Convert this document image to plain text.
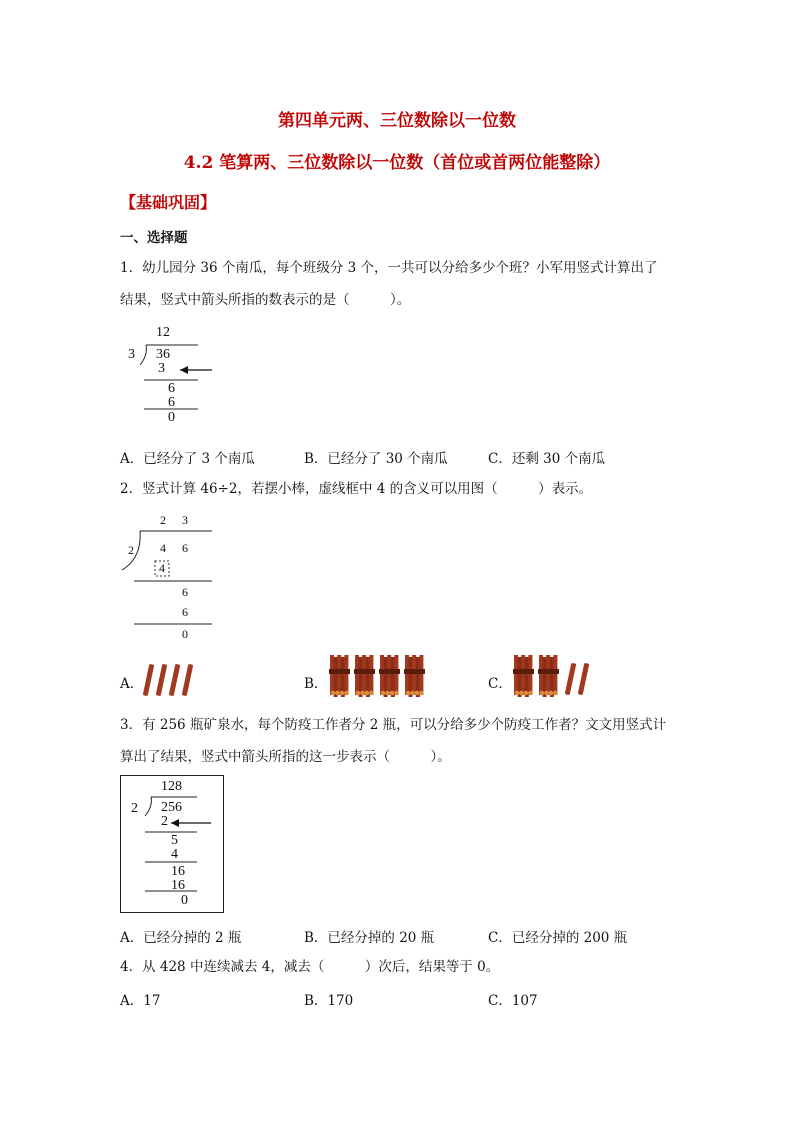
第四单元两、三位数除以一位数
4.2 笔算两、三位数除以一位数（首位或首两位能整除）
【基础巩固】
一、选择题
1．幼儿园分 36 个南瓜，每个班级分 3 个，一共可以分给多少个班？小军用竖式计算出了
结果，竖式中箭头所指的数表示的是（　　　）。
12
3 36
3
6
6
0
A．已经分了 3 个南瓜	B．已经分了 30 个南瓜	C．还剩 30 个南瓜
2．竖式计算 46÷2，若摆小棒，虚线框中 4 的含义可以用图（　　　）表示。
2 3
2 4 6
4
6
6
0
A．	B．	C．
3．有 256 瓶矿泉水，每个防疫工作者分 2 瓶，可以分给多少个防疫工作者？文文用竖式计
算出了结果，竖式中箭头所指的这一步表示（　　　）。
128
2 256
2
5
4
16
16
0
A．已经分掉的 2 瓶	B．已经分掉的 20 瓶	C．已经分掉的 200 瓶
4．从 428 中连续减去 4，减去（　　　）次后，结果等于 0。
A．17	B．170	C．107
